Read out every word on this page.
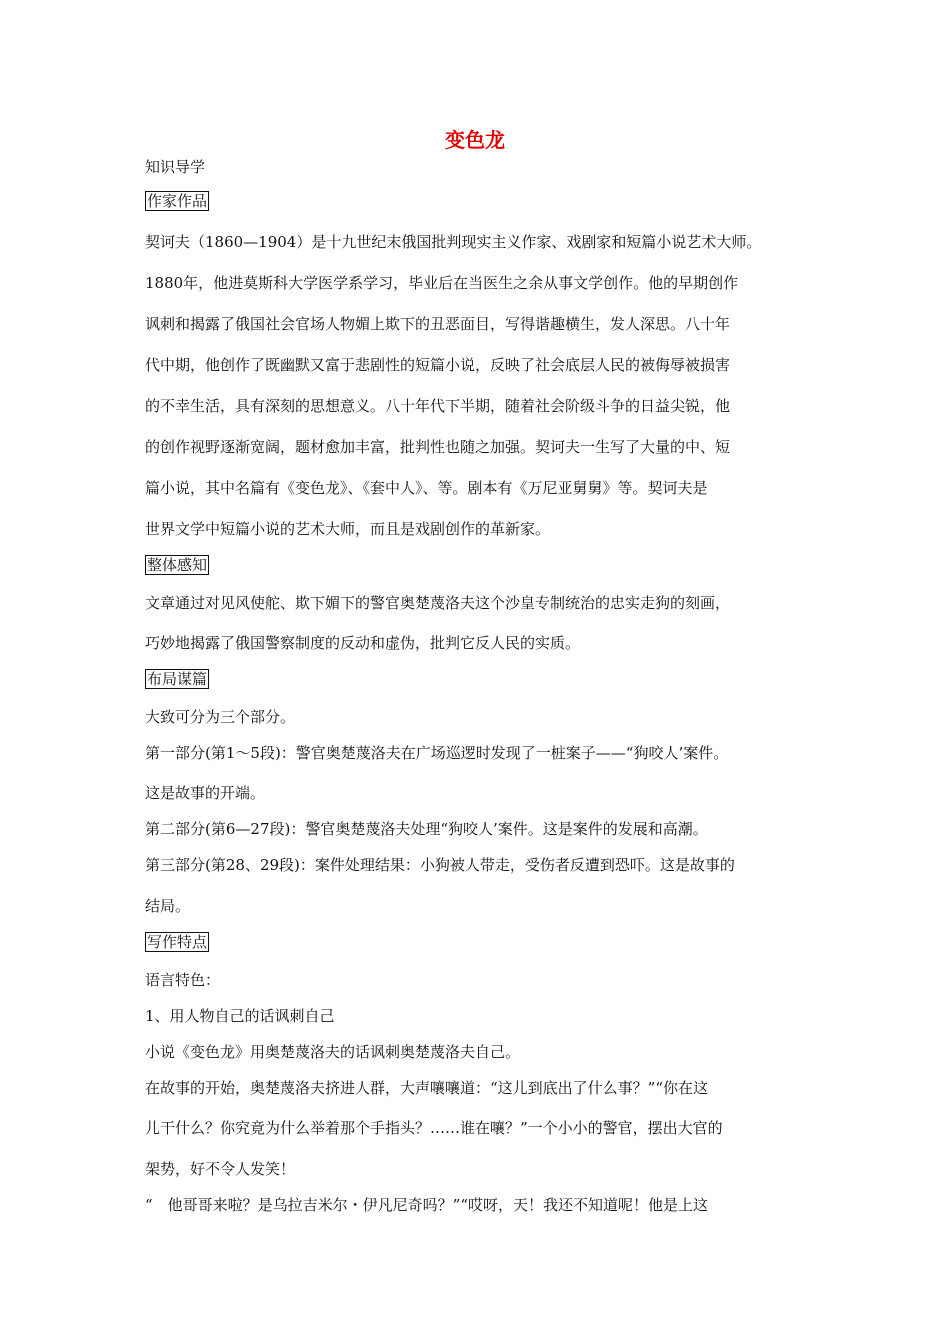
变色龙
知识导学
作家作品
契诃夫（1860—1904）是十九世纪末俄国批判现实主义作家、戏剧家和短篇小说艺术大师。
1880年，他进莫斯科大学医学系学习，毕业后在当医生之余从事文学创作。他的早期创作
讽刺和揭露了俄国社会官场人物媚上欺下的丑恶面目，写得谐趣横生，发人深思。八十年
代中期，他创作了既幽默又富于悲剧性的短篇小说，反映了社会底层人民的被侮辱被损害
的不幸生活，具有深刻的思想意义。八十年代下半期，随着社会阶级斗争的日益尖锐，他
的创作视野逐渐宽阔，题材愈加丰富，批判性也随之加强。契诃夫一生写了大量的中、短
篇小说，其中名篇有《变色龙》、《套中人》、等。剧本有《万尼亚舅舅》等。契诃夫是
世界文学中短篇小说的艺术大师，而且是戏剧创作的革新家。
整体感知
文章通过对见风使舵、欺下媚下的警官奥楚蔑洛夫这个沙皇专制统治的忠实走狗的刻画，
巧妙地揭露了俄国警察制度的反动和虚伪，批判它反人民的实质。
布局谋篇
大致可分为三个部分。
第一部分(第1～5段)：警官奥楚蔑洛夫在广场巡逻时发现了一桩案子——“狗咬人’案件。
这是故事的开端。
第二部分(第6—27段)：警官奥楚蔑洛夫处理“狗咬人’案件。这是案件的发展和高潮。
第三部分(第28、29段)：案件处理结果：小狗被人带走，受伤者反遭到恐吓。这是故事的
结局。
写作特点
语言特色：
1、用人物自己的话讽刺自己
小说《变色龙》用奥楚蔑洛夫的话讽刺奥楚蔑洛夫自己。
在故事的开始，奥楚蔑洛夫挤进人群，大声嚷嚷道：“这儿到底出了什么事？”“你在这
儿干什么？你究竟为什么举着那个手指头？……谁在嚷？”一个小小的警官，摆出大官的
架势，好不令人发笑！
“　他哥哥来啦？是乌拉吉米尔・伊凡尼奇吗？”“哎呀，天！我还不知道呢！他是上这
